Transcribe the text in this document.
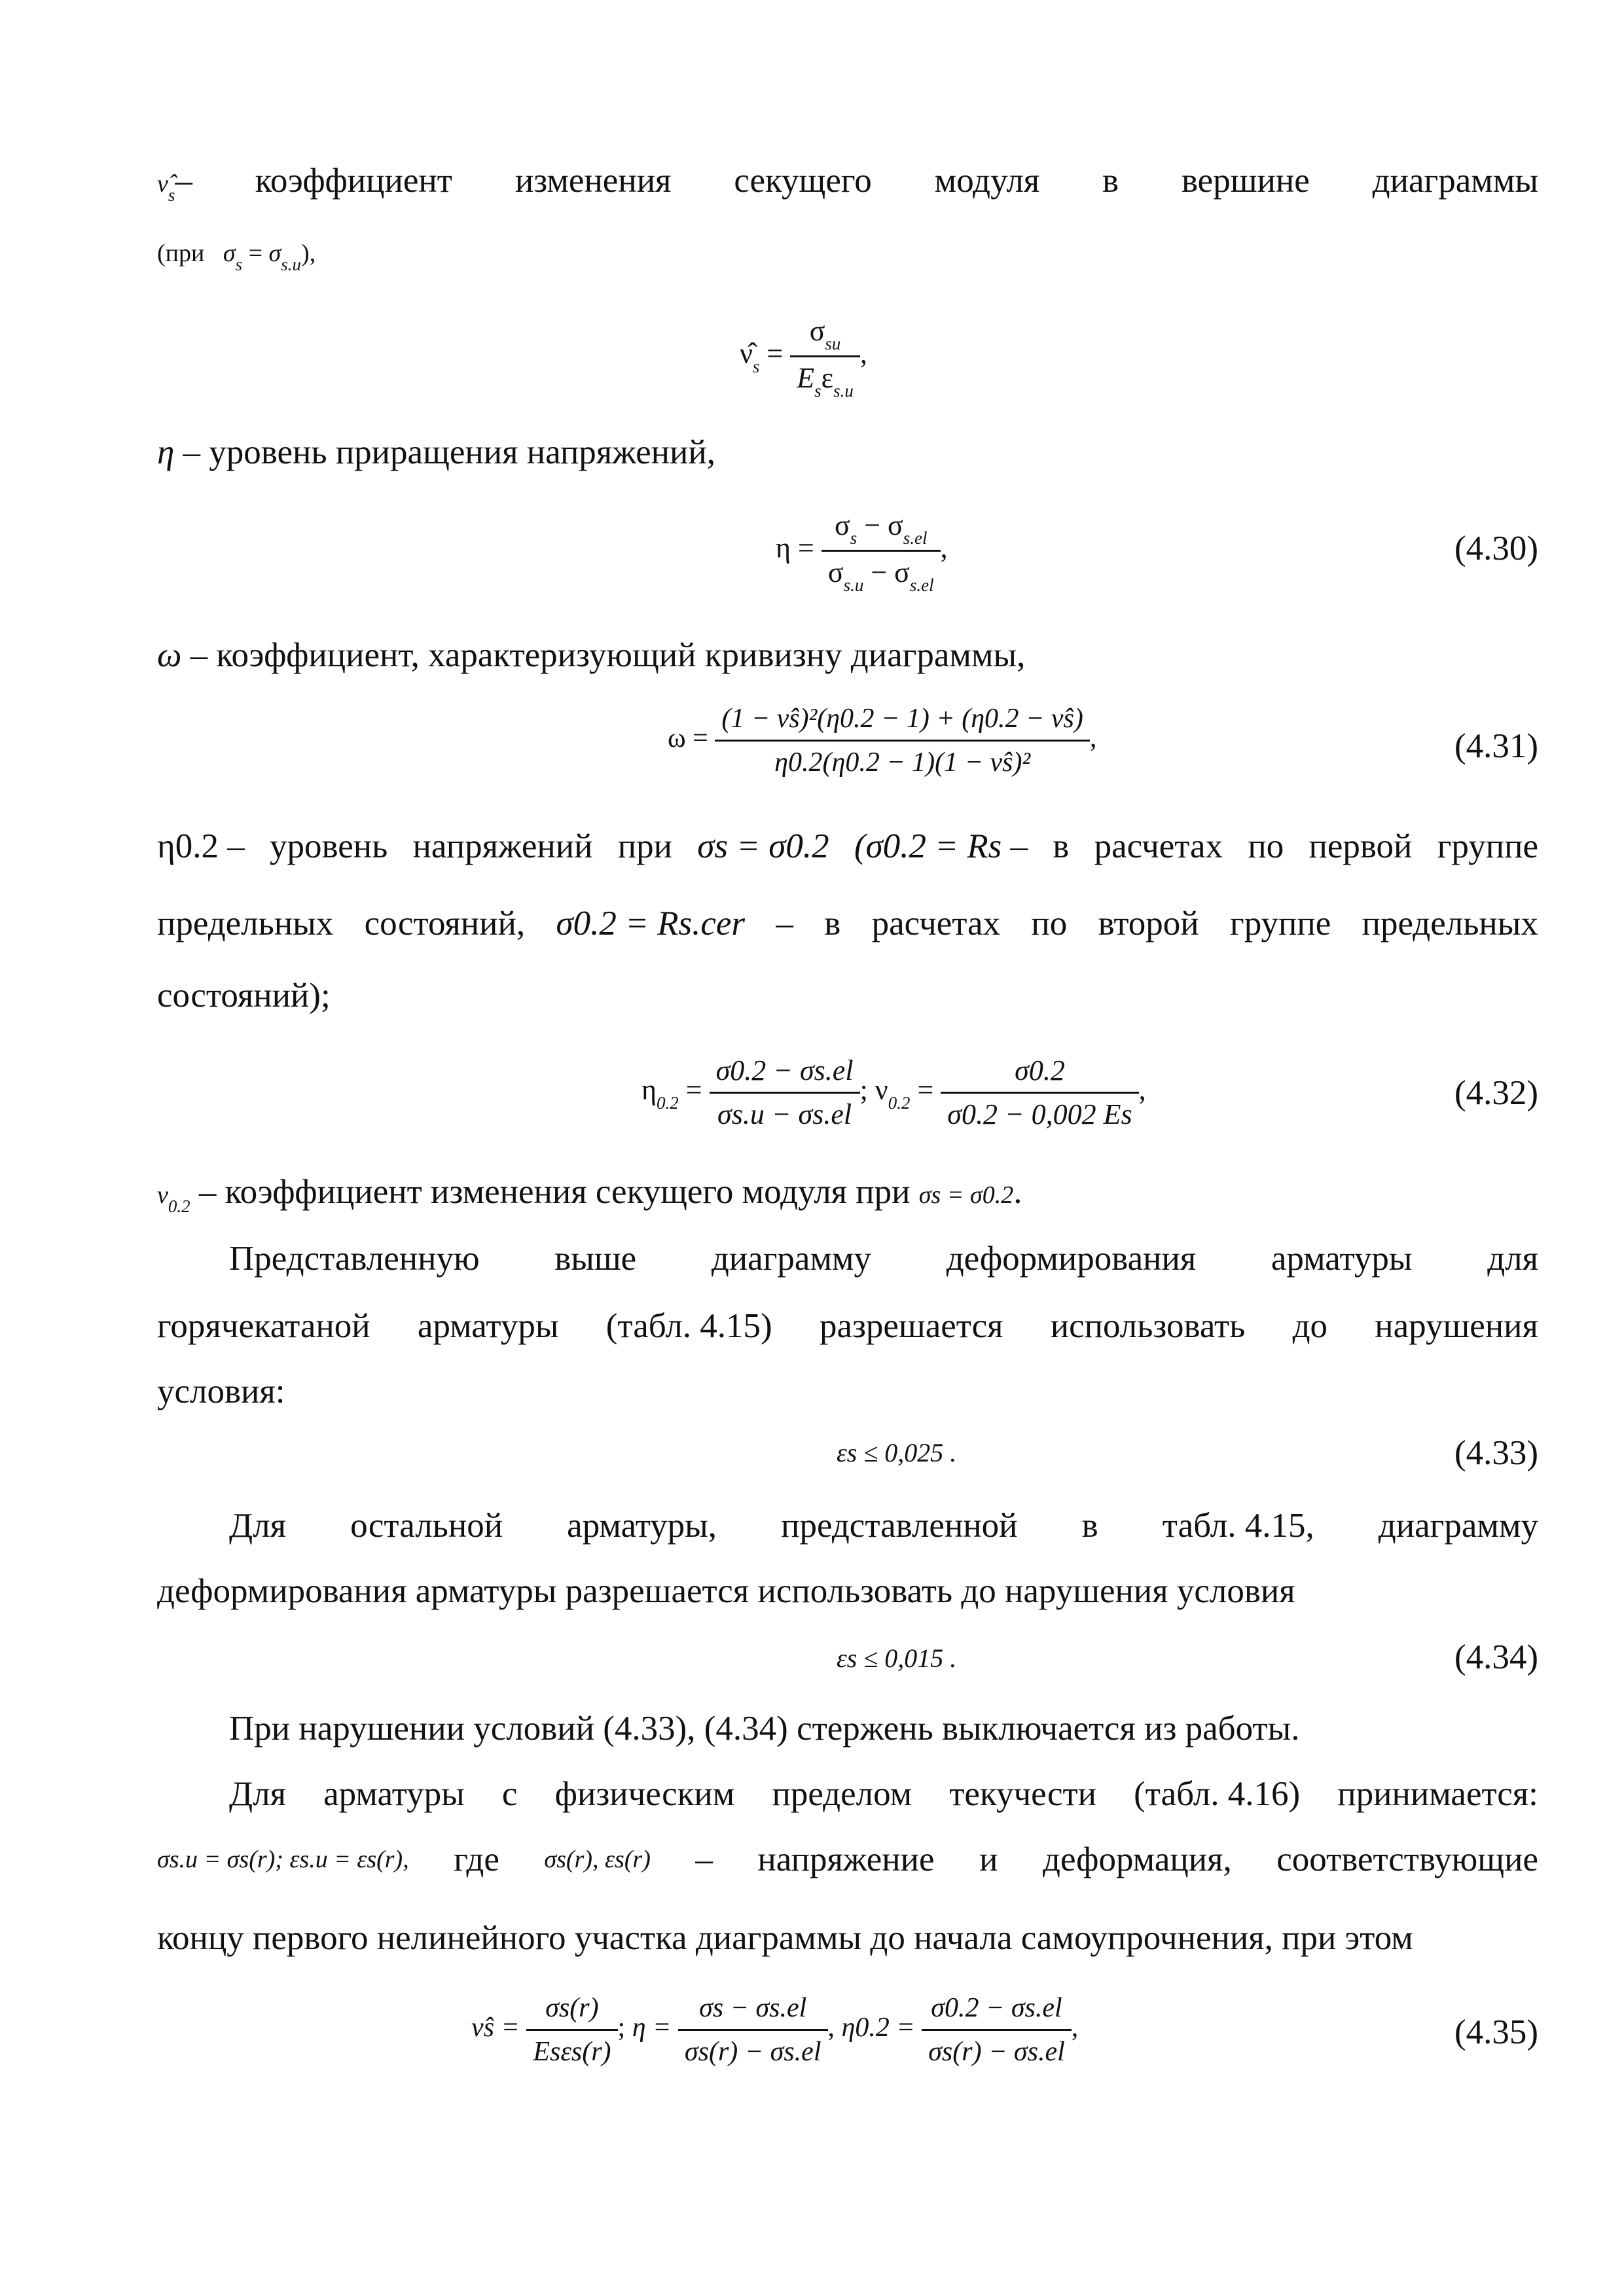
$\nû_s-$ коэффициент изменения секущего модуля в вершине диаграммы
(при $\sigma_s = \sigma_{s.u}$),
$\nû_s = \frac{\sigma_{su}}{E_s\varepsilon_{s.u}}$ ,
η – уровень приращения напряжений,
$\eta = \frac{\sigma_s - \sigma_{s.el}}{\sigma_{s.u} - \sigma_{s.el}}$ ,	(4.30)
ω – коэффициент, характеризующий кривизну диаграммы,
$\omega = \frac{\text{(1 − ν̂s)²(η0.2 − 1) + (η0.2 − ν̂s)}}{\text{η0.2(η0.2 − 1)(1 − ν̂s)²}}$ ,	(4.31)
η0.2 – уровень напряжений при σs = σ0.2 (σ0.2 = Rs – в расчетах по первой группе
предельных состояний, σ0.2 = Rs.cer – в расчетах по второй группе предельных
состояний);
$\eta_{0.2} = \frac{\sigma 0.2 - \sigma s.el}{\sigma s.u - \sigma s.el}$ ; $\nu_{0.2} = \frac{\sigma 0.2}{\sigma 0.2 - 0,002 Es}$ ,	(4.32)
$\nu_{0.2}$ – коэффициент изменения секущего модуля при σs = σ0.2.
Представленную выше диаграмму деформирования арматуры для
горячекатаной арматуры (табл. 4.15) разрешается использовать до нарушения
условия:
εs ≤ 0,025 .	(4.33)
Для остальной арматуры, представленной в табл. 4.15, диаграмму
деформирования арматуры разрешается использовать до нарушения условия
εs ≤ 0,015 .	(4.34)
При нарушении условий (4.33), (4.34) стержень выключается из работы.
Для арматуры с физическим пределом текучести (табл. 4.16) принимается:
σs.u = σs(r); εs.u = εs(r), где σs(r), εs(r) – напряжение и деформация, соответствующие
концу первого нелинейного участка диаграммы до начала самоупрочнения, при этом
ν̂s = $\frac{\sigma s(r)}{\text{Esεs(r)}}$ ; $\eta = \frac{\sigma s - \sigma s.el}{\sigma s(r) - \sigma s.el}$ , $\eta 0.2 = \frac{\sigma 0.2 - \sigma s.el}{\sigma s(r) - \sigma s.el}$ ,	(4.35)
